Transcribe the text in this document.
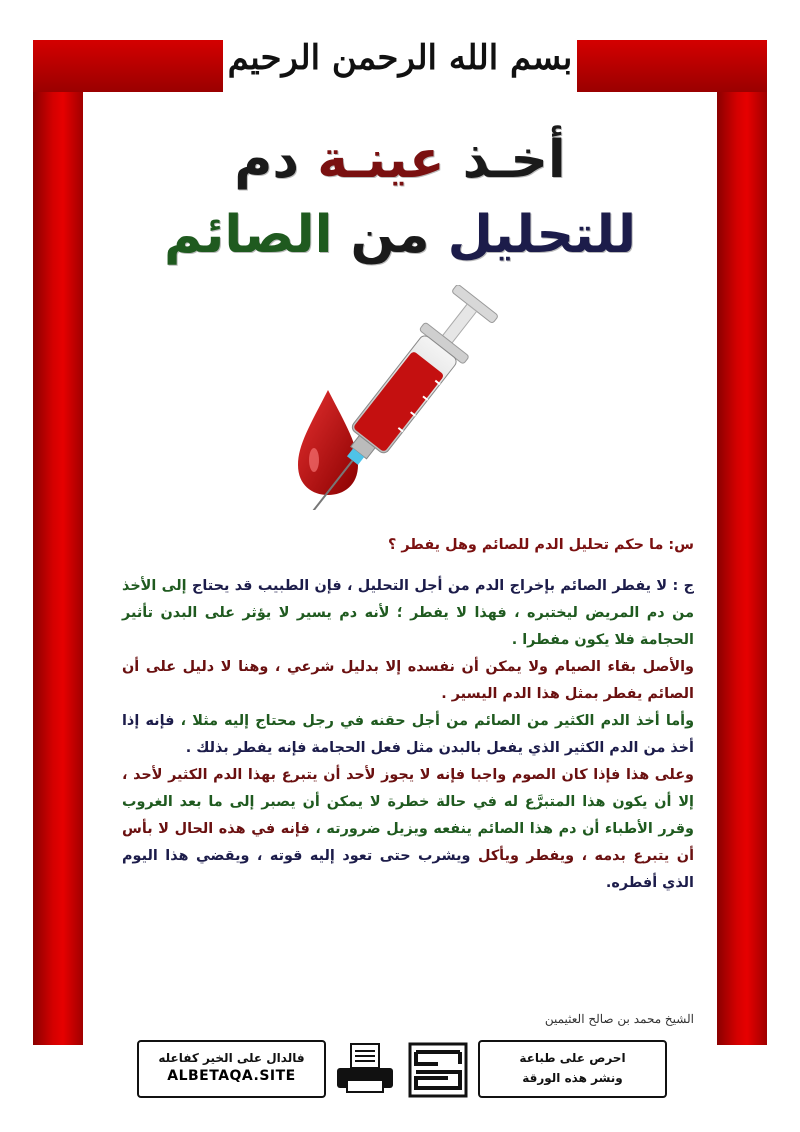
بسم الله الرحمن الرحيم
أخـذ عينـة دم
للتحليل من الصائم

س: ما حكم تحليل الدم للصائم وهل يفطر ؟

ج : لا يفطر الصائم بإخراج الدم من أجل التحليل ، فإن الطبيب قد يحتاج إلى الأخذ من دم المريض ليختبره ، فهذا لا يفطر ؛ لأنه دم يسير لا يؤثر على البدن تأثير الحجامة فلا يكون مفطرا .

والأصل بقاء الصيام ولا يمكن أن نفسده إلا بدليل شرعي ، وهنا لا دليل على أن الصائم يفطر بمثل هذا الدم اليسير .

وأما أخذ الدم الكثير من الصائم من أجل حقنه في رجل محتاج إليه مثلا ، فإنه إذا أخذ من الدم الكثير الذي يفعل بالبدن مثل فعل الحجامة فإنه يفطر بذلك .

وعلى هذا فإذا كان الصوم واجبا فإنه لا يجوز لأحد أن يتبرع بهذا الدم الكثير لأحد ، إلا أن يكون هذا المتبرَّع له في حالة خطرة لا يمكن أن يصبر إلى ما بعد الغروب وقرر الأطباء أن دم هذا الصائم ينفعه ويزيل ضرورته ، فإنه في هذه الحال لا بأس أن يتبرع بدمه ، ويفطر ويأكل ويشرب حتى تعود إليه قوته ، ويقضي هذا اليوم الذي أفطره.

الشيخ محمد بن صالح العثيمين
احرص على طباعة
ونشر هذه الورقة
فالدال على الخير كفاعله
ALBETAQA.SITE
